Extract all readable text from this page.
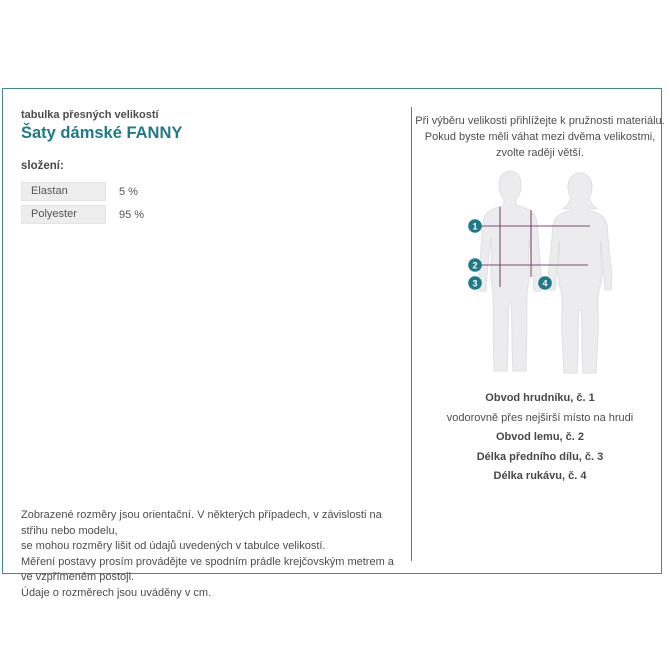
tabulka přesných velikostí
Šaty dámské FANNY
složení:
Elastan	5 %
Polyester	95 %
Zobrazené rozměry jsou orientační. V některých případech, v závislosti na střihu nebo modelu,
se mohou rozměry lišit od údajů uvedených v tabulce velikostí.
Měření postavy prosím provádějte ve spodním prádle krejčovským metrem a ve vzpřímeném postoji.
Údaje o rozměrech jsou uváděny v cm.
Při výběru velikosti přihlížejte k pružnosti materiálu.
Pokud byste měli váhat mezi dvěma velikostmi,
zvolte raději větší.
1
2
3	4
Obvod hrudníku, č. 1
vodorovně přes nejširší místo na hrudi
Obvod lemu, č. 2
Délka předního dílu, č. 3
Délka rukávu, č. 4
